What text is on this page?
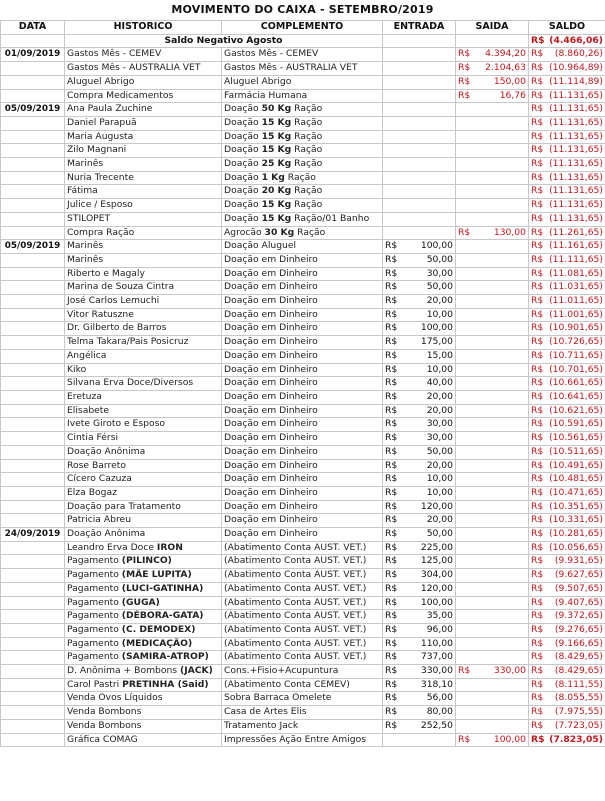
MOVIMENTO DO CAIXA - SETEMBRO/2019
DATA	HISTÓRICO	COMPLEMENTO	ENTRADA	SAIDA	SALDO
	Saldo Negativo Agosto				R$ (4.466,06)

01/09/2019	Gastos Mês - CEMEV	Gastos Mês - CEMEV		R$ 4.394,20	R$ (8.860,26)

	Gastos Mês - AUSTRALIA VET	Gastos Mês - AUSTRALIA VET		R$ 2.104,63	R$ (10.964,89)

	Aluguel Abrigo	Aluguel Abrigo		R$ 150,00	R$ (11.114,89)

	Compra Medicamentos	Farmácia Humana		R$ 16,76	R$ (11.131,65)

05/09/2019	Ana Paula Zuchine	Doação 50 Kg Ração			R$ (11.131,65)

	Daniel Parapuã	Doação 15 Kg Ração			R$ (11.131,65)

	Maria Augusta	Doação 15 Kg Ração			R$ (11.131,65)

	Zilo Magnani	Doação 15 Kg Ração			R$ (11.131,65)

	Marinês	Doação 25 Kg Ração			R$ (11.131,65)

	Nuria Trecente	Doação 1 Kg Ração			R$ (11.131,65)

	Fátima	Doação 20 Kg Ração			R$ (11.131,65)

	Julice / Esposo	Doação 15 Kg Ração			R$ (11.131,65)

	STILOPET	Doação 15 Kg Ração/01 Banho			R$ (11.131,65)

	Compra Ração	Agrocão 30 Kg Ração		R$ 130,00	R$ (11.261,65)

05/09/2019	Marinês	Doação Aluguel	R$ 100,00		R$ (11.161,65)

	Marinês	Doação em Dinheiro	R$ 50,00		R$ (11.111,65)

	Riberto e Magaly	Doação em Dinheiro	R$ 30,00		R$ (11.081,65)

	Marina de Souza Cintra	Doação em Dinheiro	R$ 50,00		R$ (11.031,65)

	José Carlos Lemuchi	Doação em Dinheiro	R$ 20,00		R$ (11.011,65)

	Vitor Ratuszne	Doação em Dinheiro	R$ 10,00		R$ (11.001,65)

	Dr. Gilberto de Barros	Doação em Dinheiro	R$ 100,00		R$ (10.901,65)

	Telma Takara/Pais Posicruz	Doação em Dinheiro	R$ 175,00		R$ (10.726,65)

	Angélica	Doação em Dinheiro	R$ 15,00		R$ (10.711,65)

	Kiko	Doação em Dinheiro	R$ 10,00		R$ (10.701,65)

	Silvana Erva Doce/Diversos	Doação em Dinheiro	R$ 40,00		R$ (10.661,65)

	Eretuza	Doação em Dinheiro	R$ 20,00		R$ (10.641,65)

	Elisabete	Doação em Dinheiro	R$ 20,00		R$ (10.621,65)

	Ivete Giroto e Esposo	Doação em Dinheiro	R$ 30,00		R$ (10.591,65)

	Cintia Férsi	Doação em Dinheiro	R$ 30,00		R$ (10.561,65)

	Doação Anônima	Doação em Dinheiro	R$ 50,00		R$ (10.511,65)

	Rose Barreto	Doação em Dinheiro	R$ 20,00		R$ (10.491,65)

	Cícero Cazuza	Doação em Dinheiro	R$ 10,00		R$ (10.481,65)

	Elza Bogaz	Doação em Dinheiro	R$ 10,00		R$ (10.471,65)

	Doação para Tratamento	Doação em Dinheiro	R$ 120,00		R$ (10.351,65)

	Patricia Abreu	Doação em Dinheiro	R$ 20,00		R$ (10.331,65)

24/09/2019	Doação Anônima	Doação em Dinheiro	R$ 50,00		R$ (10.281,65)

	Leandro Erva Doce IRON	(Abatimento Conta AUST. VET.)	R$ 225,00		R$ (10.056,65)

	Pagamento (PILINCO)	(Abatimento Conta AUST. VET.)	R$ 125,00		R$ (9.931,65)

	Pagamento (MÃE LUPITA)	(Abatimento Conta AUST. VET.)	R$ 304,00		R$ (9.627,65)

	Pagamento (LUCI-GATINHA)	(Abatimento Conta AUST. VET.)	R$ 120,00		R$ (9.507,65)

	Pagamento (GUGA)	(Abatimento Conta AUST. VET.)	R$ 100,00		R$ (9.407,65)

	Pagamento (DÉBORA-GATA)	(Abatimento Conta AUST. VET.)	R$ 35,00		R$ (9.372,65)

	Pagamento (C. DEMODEX)	(Abatimento Conta AUST. VET.)	R$ 96,00		R$ (9.276,65)

	Pagamento (MEDICAÇÃO)	(Abatimento Conta AUST. VET.)	R$ 110,00		R$ (9.166,65)

	Pagamento (SAMIRA-ATROP)	(Abatimento Conta AUST. VET.)	R$ 737,00		R$ (8.429,65)

	D. Anônima + Bombons (JACK)	Cons.+Fisio+Acupuntura	R$ 330,00	R$ 330,00	R$ (8.429,65)

	Carol Pastri PRETINHA (Said)	(Abatimento Conta CEMEV)	R$ 318,10		R$ (8.111,55)

	Venda Ovos Líquidos	Sobra Barraca Omelete	R$ 56,00		R$ (8.055,55)

	Venda Bombons	Casa de Artes Elis	R$ 80,00		R$ (7.975,55)

	Venda Bombons	Tratamento Jack	R$ 252,50		R$ (7.723,05)

	Gráfica COMAG	Impressões Ação Entre Amigos		R$ 100,00	R$ (7.823,05)
